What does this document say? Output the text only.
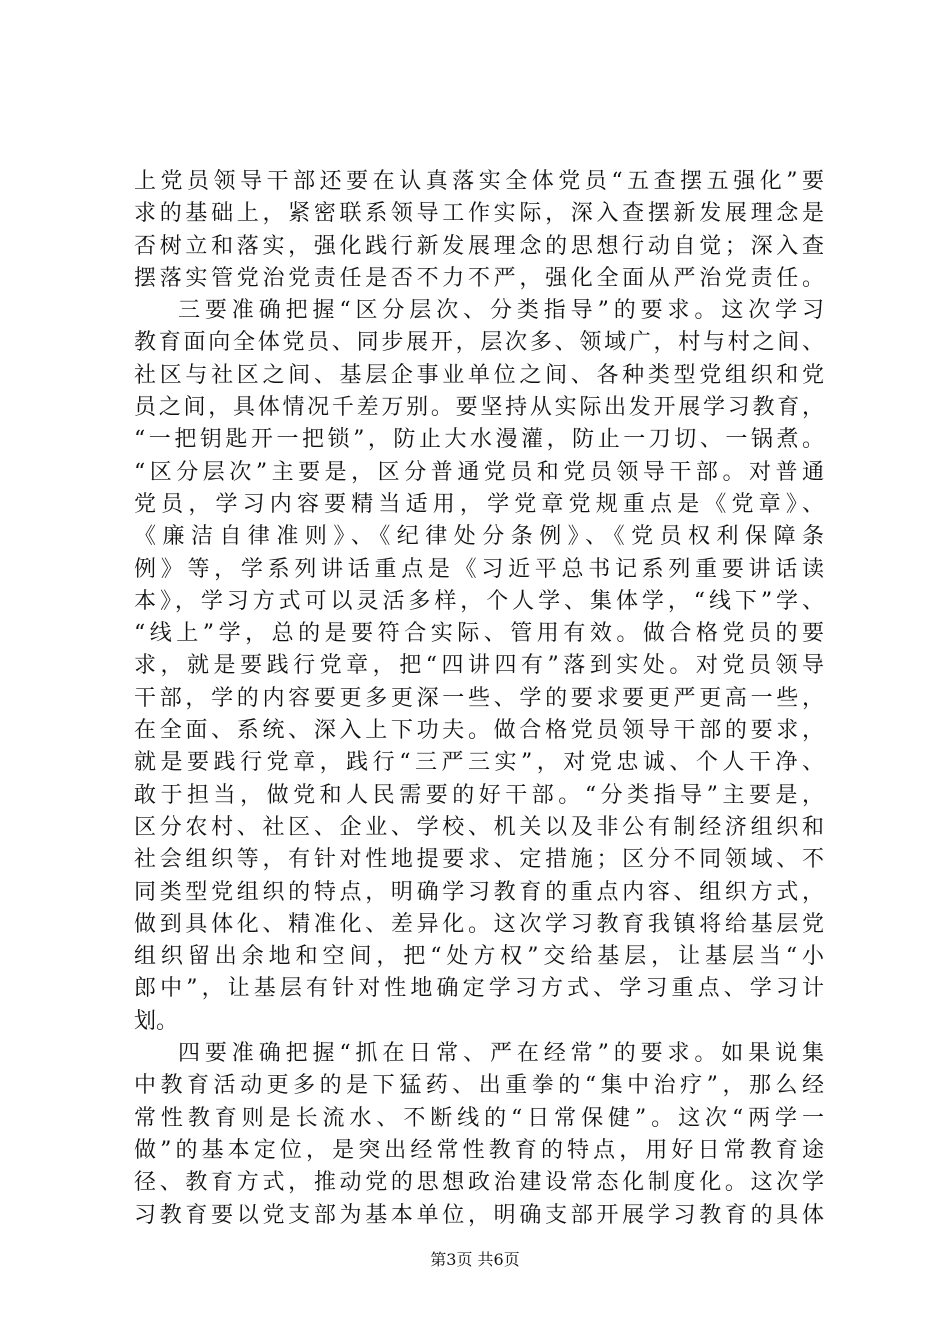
上党员领导干部还要在认真落实全体党员“五查摆五强化”要
求的基础上，紧密联系领导工作实际，深入查摆新发展理念是
否树立和落实，强化践行新发展理念的思想行动自觉；深入查
摆落实管党治党责任是否不力不严，强化全面从严治党责任。
三要准确把握“区分层次、分类指导”的要求。这次学习
教育面向全体党员、同步展开，层次多、领域广，村与村之间、
社区与社区之间、基层企事业单位之间、各种类型党组织和党
员之间，具体情况千差万别。要坚持从实际出发开展学习教育，
“一把钥匙开一把锁”，防止大水漫灌，防止一刀切、一锅煮。
“区分层次”主要是，区分普通党员和党员领导干部。对普通
党员，学习内容要精当适用，学党章党规重点是《党章》、
《廉洁自律准则》、《纪律处分条例》、《党员权利保障条
例》等，学系列讲话重点是《习近平总书记系列重要讲话读
本》，学习方式可以灵活多样，个人学、集体学，“线下”学、
“线上”学，总的是要符合实际、管用有效。做合格党员的要
求，就是要践行党章，把“四讲四有”落到实处。对党员领导
干部，学的内容要更多更深一些、学的要求要更严更高一些，
在全面、系统、深入上下功夫。做合格党员领导干部的要求，
就是要践行党章，践行“三严三实”，对党忠诚、个人干净、
敢于担当，做党和人民需要的好干部。“分类指导”主要是，
区分农村、社区、企业、学校、机关以及非公有制经济组织和
社会组织等，有针对性地提要求、定措施；区分不同领域、不
同类型党组织的特点，明确学习教育的重点内容、组织方式，
做到具体化、精准化、差异化。这次学习教育我镇将给基层党
组织留出余地和空间，把“处方权”交给基层，让基层当“小
郎中”，让基层有针对性地确定学习方式、学习重点、学习计
划。
四要准确把握“抓在日常、严在经常”的要求。如果说集
中教育活动更多的是下猛药、出重拳的“集中治疗”，那么经
常性教育则是长流水、不断线的“日常保健”。这次“两学一
做”的基本定位，是突出经常性教育的特点，用好日常教育途
径、教育方式，推动党的思想政治建设常态化制度化。这次学
习教育要以党支部为基本单位，明确支部开展学习教育的具体
第3页 共6页
